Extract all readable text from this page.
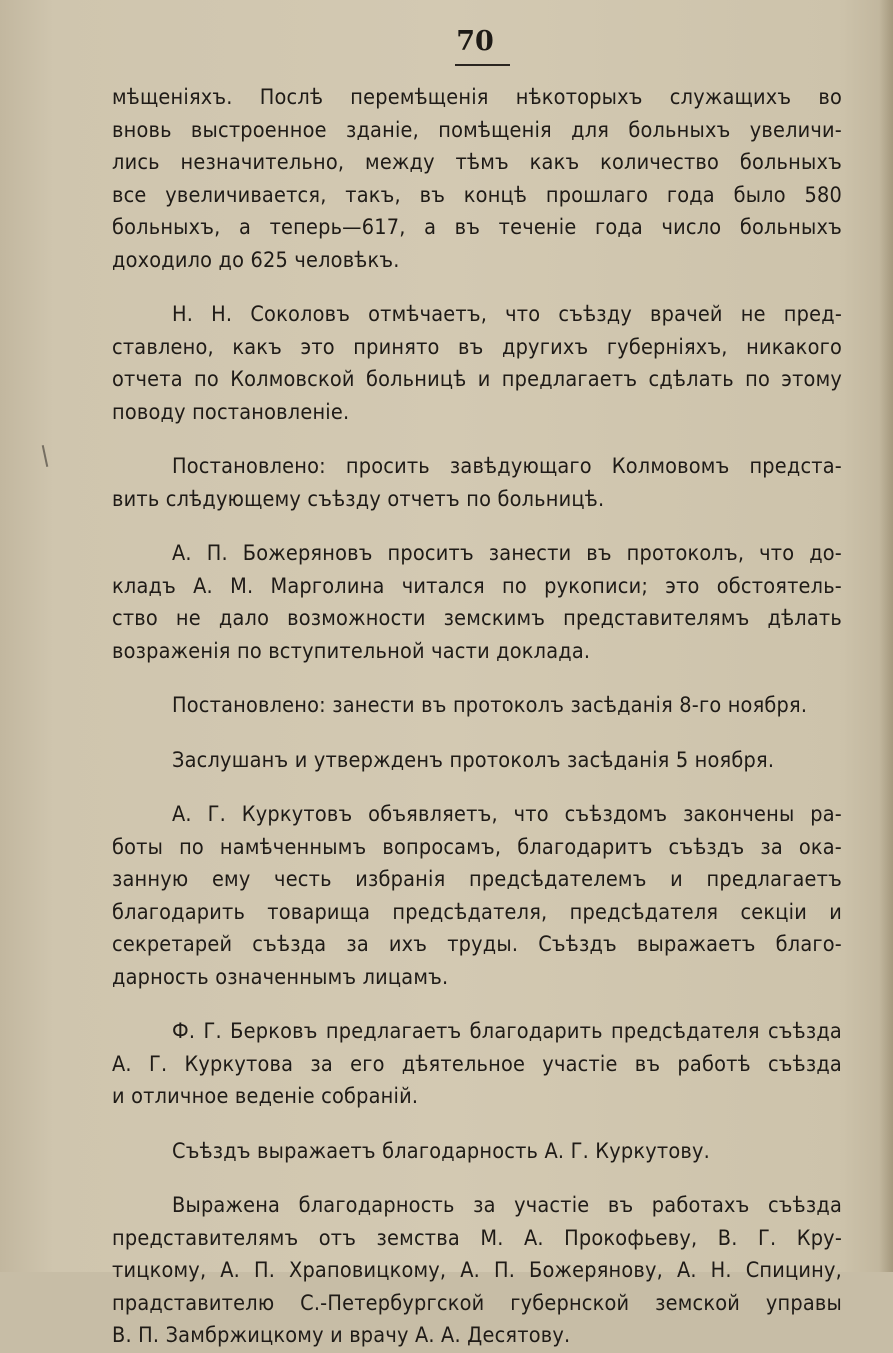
70
мѣщеніяхъ. Послѣ перемѣщенія нѣкоторыхъ служащихъ во
вновь выстроенное зданіе, помѣщенія для больныхъ увеличи-
лись незначительно, между тѣмъ какъ количество больныхъ
все увеличивается, такъ, въ концѣ прошлаго года было 580
больныхъ, а теперь—617, а въ теченіе года число больныхъ
доходило до 625 человѣкъ.
Н. Н. Соколовъ отмѣчаетъ, что съѣзду врачей не пред-
ставлено, какъ это принято въ другихъ губерніяхъ, никакого
отчета по Колмовской больницѣ и предлагаетъ сдѣлать по этому
поводу постановленіе.
Постановлено: просить завѣдующаго Колмовомъ предста-
вить слѣдующему съѣзду отчетъ по больницѣ.
А. П. Божеряновъ проситъ занести въ протоколъ, что до-
кладъ А. М. Марголина читался по рукописи; это обстоятель-
ство не дало возможности земскимъ представителямъ дѣлать
возраженія по вступительной части доклада.
Постановлено: занести въ протоколъ засѣданія 8-го ноября.
Заслушанъ и утвержденъ протоколъ засѣданія 5 ноября.
А. Г. Куркутовъ объявляетъ, что съѣздомъ закончены ра-
боты по намѣченнымъ вопросамъ, благодаритъ съѣздъ за ока-
занную ему честь избранія предсѣдателемъ и предлагаетъ
благодарить товарища предсѣдателя, предсѣдателя секціи и
секретарей съѣзда за ихъ труды. Съѣздъ выражаетъ благо-
дарность означеннымъ лицамъ.
Ф. Г. Берковъ предлагаетъ благодарить предсѣдателя съѣзда
А. Г. Куркутова за его дѣятельное участіе въ работѣ съѣзда
и отличное веденіе собраній.
Съѣздъ выражаетъ благодарность А. Г. Куркутову.
Выражена благодарность за участіе въ работахъ съѣзда
представителямъ отъ земства М. А. Прокофьеву, В. Г. Кру-
тицкому, А. П. Храповицкому, А. П. Божерянову, А. Н. Спицину,
прадставителю С.-Петербургской губернской земской управы
В. П. Замбржицкому и врачу А. А. Десятову.
